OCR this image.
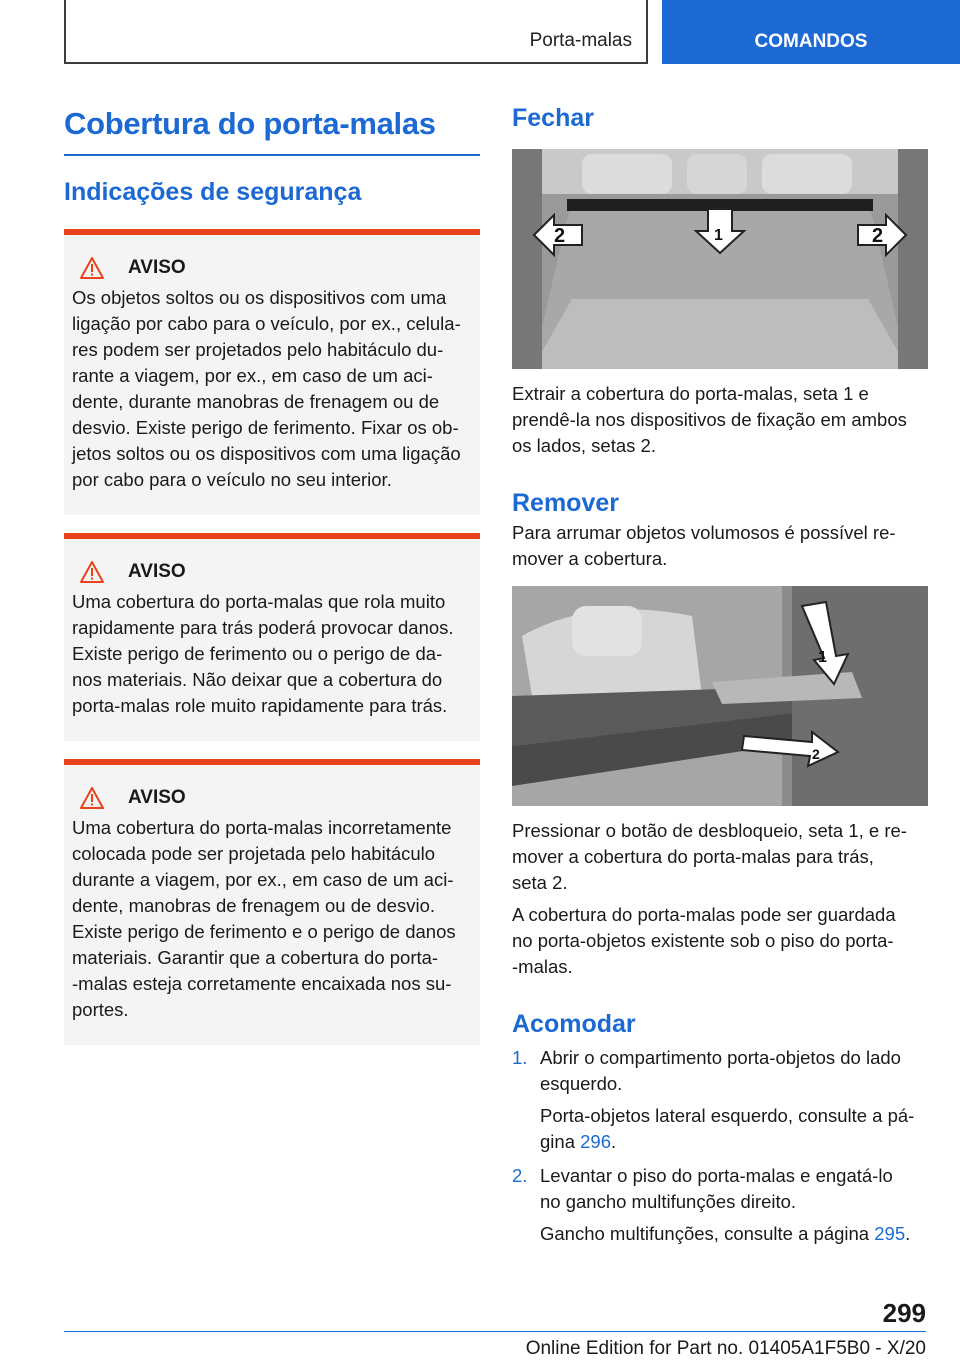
Porta-malas	COMANDOS
Cobertura do porta-malas
Indicações de segurança
AVISO
Os objetos soltos ou os dispositivos com uma
ligação por cabo para o veículo, por ex., celula-
res podem ser projetados pelo habitáculo du-
rante a viagem, por ex., em caso de um aci-
dente, durante manobras de frenagem ou de
desvio. Existe perigo de ferimento. Fixar os ob-
jetos soltos ou os dispositivos com uma ligação
por cabo para o veículo no seu interior.
AVISO
Uma cobertura do porta-malas que rola muito
rapidamente para trás poderá provocar danos.
Existe perigo de ferimento ou o perigo de da-
nos materiais. Não deixar que a cobertura do
porta-malas role muito rapidamente para trás.
AVISO
Uma cobertura do porta-malas incorretamente
colocada pode ser projetada pelo habitáculo
durante a viagem, por ex., em caso de um aci-
dente, manobras de frenagem ou de desvio.
Existe perigo de ferimento e o perigo de danos
materiais. Garantir que a cobertura do porta-
-malas esteja corretamente encaixada nos su-
portes.
Fechar
2	1	2

Extrair a cobertura do porta-malas, seta 1 e

prendê-la nos dispositivos de fixação em ambos

os lados, setas 2.

Remover

Para arrumar objetos volumosos é possível re-

mover a cobertura.

1
2

Pressionar o botão de desbloqueio, seta 1, e re-

mover a cobertura do porta-malas para trás,

seta 2.

A cobertura do porta-malas pode ser guardada

no porta-objetos existente sob o piso do porta-

-malas.

Acomodar
1. Abrir o compartimento porta-objetos do lado
esquerdo.
Porta-objetos lateral esquerdo, consulte a pá-
gina 296.
2. Levantar o piso do porta-malas e engatá-lo
no gancho multifunções direito.
Gancho multifunções, consulte a página 295.
299
Online Edition for Part no. 01405A1F5B0 - X/20
